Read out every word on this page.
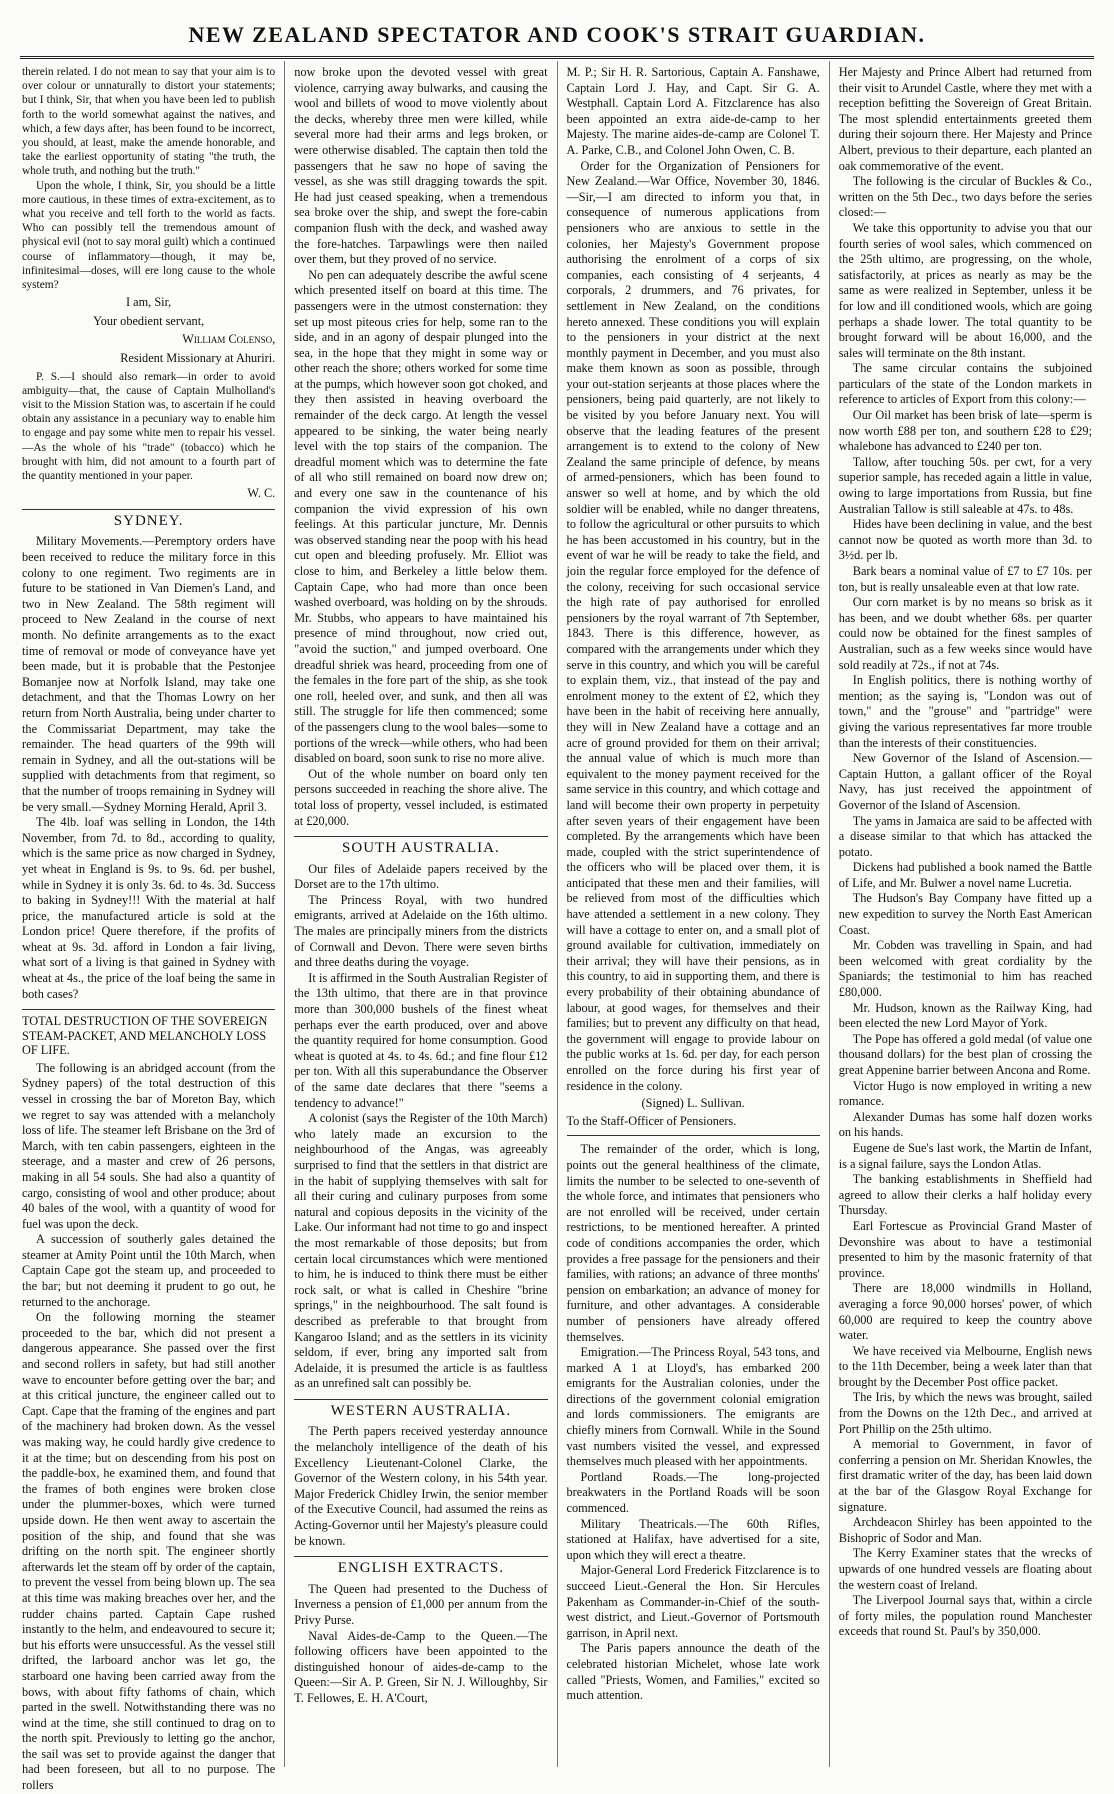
NEW ZEALAND SPECTATOR AND COOK'S STRAIT GUARDIAN.

therein related. I do not mean to say that your aim is to over colour or unnaturally to distort your statements; but I think, Sir, that when you have been led to publish forth to the world somewhat against the natives, and which, a few days after, has been found to be incorrect, you should, at least, make the amende honorable, and take the earliest opportunity of stating "the truth, the whole truth, and nothing but the truth."

Upon the whole, I think, Sir, you should be a little more cautious, in these times of extra-excitement, as to what you receive and tell forth to the world as facts. Who can possibly tell the tremendous amount of physical evil (not to say moral guilt) which a continued course of inflammatory—though, it may be, infinitesimal—doses, will ere long cause to the whole system?

I am, Sir,
Your obedient servant,
William Colenso,
Resident Missionary at Ahuriri.

P. S.—I should also remark—in order to avoid ambiguity—that, the cause of Captain Mulholland's visit to the Mission Station was, to ascertain if he could obtain any assistance in a pecuniary way to enable him to engage and pay some white men to repair his vessel.—As the whole of his "trade" (tobacco) which he brought with him, did not amount to a fourth part of the quantity mentioned in your paper.

W. C.
SYDNEY.

Military Movements.—Peremptory orders have been received to reduce the military force in this colony to one regiment. Two regiments are in future to be stationed in Van Diemen's Land, and two in New Zealand. The 58th regiment will proceed to New Zealand in the course of next month. No definite arrangements as to the exact time of removal or mode of conveyance have yet been made, but it is probable that the Pestonjee Bomanjee now at Norfolk Island, may take one detachment, and that the Thomas Lowry on her return from North Australia, being under charter to the Commissariat Department, may take the remainder. The head quarters of the 99th will remain in Sydney, and all the out-stations will be supplied with detachments from that regiment, so that the number of troops remaining in Sydney will be very small.—Sydney Morning Herald, April 3.

The 4lb. loaf was selling in London, the 14th November, from 7d. to 8d., according to quality, which is the same price as now charged in Sydney, yet wheat in England is 9s. to 9s. 6d. per bushel, while in Sydney it is only 3s. 6d. to 4s. 3d. Success to baking in Sydney!!! With the material at half price, the manufactured article is sold at the London price! Quere therefore, if the profits of wheat at 9s. 3d. afford in London a fair living, what sort of a living is that gained in Sydney with wheat at 4s., the price of the loaf being the same in both cases?

TOTAL DESTRUCTION OF THE SOVEREIGN STEAM-PACKET, AND MELANCHOLY LOSS OF LIFE.

The following is an abridged account (from the Sydney papers) of the total destruction of this vessel in crossing the bar of Moreton Bay, which we regret to say was attended with a melancholy loss of life. The steamer left Brisbane on the 3rd of March, with ten cabin passengers, eighteen in the steerage, and a master and crew of 26 persons, making in all 54 souls. She had also a quantity of cargo, consisting of wool and other produce; about 40 bales of the wool, with a quantity of wood for fuel was upon the deck.

A succession of southerly gales detained the steamer at Amity Point until the 10th March, when Captain Cape got the steam up, and proceeded to the bar; but not deeming it prudent to go out, he returned to the anchorage.

On the following morning the steamer proceeded to the bar, which did not present a dangerous appearance. She passed over the first and second rollers in safety, but had still another wave to encounter before getting over the bar; and at this critical juncture, the engineer called out to Capt. Cape that the framing of the engines and part of the machinery had broken down. As the vessel was making way, he could hardly give credence to it at the time; but on descending from his post on the paddle-box, he examined them, and found that the frames of both engines were broken close under the plummer-boxes, which were turned upside down. He then went away to ascertain the position of the ship, and found that she was drifting on the north spit. The engineer shortly afterwards let the steam off by order of the captain, to prevent the vessel from being blown up. The sea at this time was making breaches over her, and the rudder chains parted. Captain Cape rushed instantly to the helm, and endeavoured to secure it; but his efforts were unsuccessful. As the vessel still drifted, the larboard anchor was let go, the starboard one having been carried away from the bows, with about fifty fathoms of chain, which parted in the swell. Notwithstanding there was no wind at the time, she still continued to drag on to the north spit. Previously to letting go the anchor, the sail was set to provide against the danger that had been foreseen, but all to no purpose. The rollers

now broke upon the devoted vessel with great violence, carrying away bulwarks, and causing the wool and billets of wood to move violently about the decks, whereby three men were killed, while several more had their arms and legs broken, or were otherwise disabled. The captain then told the passengers that he saw no hope of saving the vessel, as she was still dragging towards the spit. He had just ceased speaking, when a tremendous sea broke over the ship, and swept the fore-cabin companion flush with the deck, and washed away the fore-hatches. Tarpawlings were then nailed over them, but they proved of no service.

No pen can adequately describe the awful scene which presented itself on board at this time. The passengers were in the utmost consternation: they set up most piteous cries for help, some ran to the side, and in an agony of despair plunged into the sea, in the hope that they might in some way or other reach the shore; others worked for some time at the pumps, which however soon got choked, and they then assisted in heaving overboard the remainder of the deck cargo. At length the vessel appeared to be sinking, the water being nearly level with the top stairs of the companion. The dreadful moment which was to determine the fate of all who still remained on board now drew on; and every one saw in the countenance of his companion the vivid expression of his own feelings. At this particular juncture, Mr. Dennis was observed standing near the poop with his head cut open and bleeding profusely. Mr. Elliot was close to him, and Berkeley a little below them. Captain Cape, who had more than once been washed overboard, was holding on by the shrouds. Mr. Stubbs, who appears to have maintained his presence of mind throughout, now cried out, "avoid the suction," and jumped overboard. One dreadful shriek was heard, proceeding from one of the females in the fore part of the ship, as she took one roll, heeled over, and sunk, and then all was still. The struggle for life then commenced; some of the passengers clung to the wool bales—some to portions of the wreck—while others, who had been disabled on board, soon sunk to rise no more alive.

Out of the whole number on board only ten persons succeeded in reaching the shore alive. The total loss of property, vessel included, is estimated at £20,000.

SOUTH AUSTRALIA.

Our files of Adelaide papers received by the Dorset are to the 17th ultimo.

The Princess Royal, with two hundred emigrants, arrived at Adelaide on the 16th ultimo. The males are principally miners from the districts of Cornwall and Devon. There were seven births and three deaths during the voyage.

It is affirmed in the South Australian Register of the 13th ultimo, that there are in that province more than 300,000 bushels of the finest wheat perhaps ever the earth produced, over and above the quantity required for home consumption. Good wheat is quoted at 4s. to 4s. 6d.; and fine flour £12 per ton. With all this superabundance the Observer of the same date declares that there "seems a tendency to advance!"

A colonist (says the Register of the 10th March) who lately made an excursion to the neighbourhood of the Angas, was agreeably surprised to find that the settlers in that district are in the habit of supplying themselves with salt for all their curing and culinary purposes from some natural and copious deposits in the vicinity of the Lake. Our informant had not time to go and inspect the most remarkable of those deposits; but from certain local circumstances which were mentioned to him, he is induced to think there must be either rock salt, or what is called in Cheshire "brine springs," in the neighbourhood. The salt found is described as preferable to that brought from Kangaroo Island; and as the settlers in its vicinity seldom, if ever, bring any imported salt from Adelaide, it is presumed the article is as faultless as an unrefined salt can possibly be.

WESTERN AUSTRALIA.

The Perth papers received yesterday announce the melancholy intelligence of the death of his Excellency Lieutenant-Colonel Clarke, the Governor of the Western colony, in his 54th year. Major Frederick Chidley Irwin, the senior member of the Executive Council, had assumed the reins as Acting-Governor until her Majesty's pleasure could be known.

ENGLISH EXTRACTS.

The Queen had presented to the Duchess of Inverness a pension of £1,000 per annum from the Privy Purse.

Naval Aides-de-Camp to the Queen.—The following officers have been appointed to the distinguished honour of aides-de-camp to the Queen:—Sir A. P. Green, Sir N. J. Willoughby, Sir T. Fellowes, E. H. A'Court,

M. P.; Sir H. R. Sartorious, Captain A. Fanshawe, Captain Lord J. Hay, and Capt. Sir G. A. Westphall. Captain Lord A. Fitzclarence has also been appointed an extra aide-de-camp to her Majesty. The marine aides-de-camp are Colonel T. A. Parke, C.B., and Colonel John Owen, C. B.

Order for the Organization of Pensioners for New Zealand.—War Office, November 30, 1846.—Sir,—I am directed to inform you that, in consequence of numerous applications from pensioners who are anxious to settle in the colonies, her Majesty's Government propose authorising the enrolment of a corps of six companies, each consisting of 4 serjeants, 4 corporals, 2 drummers, and 76 privates, for settlement in New Zealand, on the conditions hereto annexed. These conditions you will explain to the pensioners in your district at the next monthly payment in December, and you must also make them known as soon as possible, through your out-station serjeants at those places where the pensioners, being paid quarterly, are not likely to be visited by you before January next. You will observe that the leading features of the present arrangement is to extend to the colony of New Zealand the same principle of defence, by means of armed-pensioners, which has been found to answer so well at home, and by which the old soldier will be enabled, while no danger threatens, to follow the agricultural or other pursuits to which he has been accustomed in his country, but in the event of war he will be ready to take the field, and join the regular force employed for the defence of the colony, receiving for such occasional service the high rate of pay authorised for enrolled pensioners by the royal warrant of 7th September, 1843. There is this difference, however, as compared with the arrangements under which they serve in this country, and which you will be careful to explain them, viz., that instead of the pay and enrolment money to the extent of £2, which they have been in the habit of receiving here annually, they will in New Zealand have a cottage and an acre of ground provided for them on their arrival; the annual value of which is much more than equivalent to the money payment received for the same service in this country, and which cottage and land will become their own property in perpetuity after seven years of their engagement have been completed. By the arrangements which have been made, coupled with the strict superintendence of the officers who will be placed over them, it is anticipated that these men and their families, will be relieved from most of the difficulties which have attended a settlement in a new colony. They will have a cottage to enter on, and a small plot of ground available for cultivation, immediately on their arrival; they will have their pensions, as in this country, to aid in supporting them, and there is every probability of their obtaining abundance of labour, at good wages, for themselves and their families; but to prevent any difficulty on that head, the government will engage to provide labour on the public works at 1s. 6d. per day, for each person enrolled on the force during his first year of residence in the colony.

(Signed) L. Sullivan.

To the Staff-Officer of Pensioners.

The remainder of the order, which is long, points out the general healthiness of the climate, limits the number to be selected to one-seventh of the whole force, and intimates that pensioners who are not enrolled will be received, under certain restrictions, to be mentioned hereafter. A printed code of conditions accompanies the order, which provides a free passage for the pensioners and their families, with rations; an advance of three months' pension on embarkation; an advance of money for furniture, and other advantages. A considerable number of pensioners have already offered themselves.

Emigration.—The Princess Royal, 543 tons, and marked A 1 at Lloyd's, has embarked 200 emigrants for the Australian colonies, under the directions of the government colonial emigration and lords commissioners. The emigrants are chiefly miners from Cornwall. While in the Sound vast numbers visited the vessel, and expressed themselves much pleased with her appointments.

Portland Roads.—The long-projected breakwaters in the Portland Roads will be soon commenced.

Military Theatricals.—The 60th Rifles, stationed at Halifax, have advertised for a site, upon which they will erect a theatre.

Major-General Lord Frederick Fitzclarence is to succeed Lieut.-General the Hon. Sir Hercules Pakenham as Commander-in-Chief of the south-west district, and Lieut.-Governor of Portsmouth garrison, in April next.

The Paris papers announce the death of the celebrated historian Michelet, whose late work called "Priests, Women, and Families," excited so much attention.

Her Majesty and Prince Albert had returned from their visit to Arundel Castle, where they met with a reception befitting the Sovereign of Great Britain. The most splendid entertainments greeted them during their sojourn there. Her Majesty and Prince Albert, previous to their departure, each planted an oak commemorative of the event.

The following is the circular of Buckles & Co., written on the 5th Dec., two days before the series closed:—

We take this opportunity to advise you that our fourth series of wool sales, which commenced on the 25th ultimo, are progressing, on the whole, satisfactorily, at prices as nearly as may be the same as were realized in September, unless it be for low and ill conditioned wools, which are going perhaps a shade lower. The total quantity to be brought forward will be about 16,000, and the sales will terminate on the 8th instant.

The same circular contains the subjoined particulars of the state of the London markets in reference to articles of Export from this colony:—

Our Oil market has been brisk of late—sperm is now worth £88 per ton, and southern £28 to £29; whalebone has advanced to £240 per ton.

Tallow, after touching 50s. per cwt, for a very superior sample, has receded again a little in value, owing to large importations from Russia, but fine Australian Tallow is still saleable at 47s. to 48s.

Hides have been declining in value, and the best cannot now be quoted as worth more than 3d. to 3½d. per lb.

Bark bears a nominal value of £7 to £7 10s. per ton, but is really unsaleable even at that low rate.

Our corn market is by no means so brisk as it has been, and we doubt whether 68s. per quarter could now be obtained for the finest samples of Australian, such as a few weeks since would have sold readily at 72s., if not at 74s.

In English politics, there is nothing worthy of mention; as the saying is, "London was out of town," and the "grouse" and "partridge" were giving the various representatives far more trouble than the interests of their constituencies.

New Governor of the Island of Ascension.—Captain Hutton, a gallant officer of the Royal Navy, has just received the appointment of Governor of the Island of Ascension.

The yams in Jamaica are said to be affected with a disease similar to that which has attacked the potato.

Dickens had published a book named the Battle of Life, and Mr. Bulwer a novel name Lucretia.

The Hudson's Bay Company have fitted up a new expedition to survey the North East American Coast.

Mr. Cobden was travelling in Spain, and had been welcomed with great cordiality by the Spaniards; the testimonial to him has reached £80,000.

Mr. Hudson, known as the Railway King, had been elected the new Lord Mayor of York.

The Pope has offered a gold medal (of value one thousand dollars) for the best plan of crossing the great Appenine barrier between Ancona and Rome.

Victor Hugo is now employed in writing a new romance.

Alexander Dumas has some half dozen works on his hands.

Eugene de Sue's last work, the Martin de Infant, is a signal failure, says the London Atlas.

The banking establishments in Sheffield had agreed to allow their clerks a half holiday every Thursday.

Earl Fortescue as Provincial Grand Master of Devonshire was about to have a testimonial presented to him by the masonic fraternity of that province.

There are 18,000 windmills in Holland, averaging a force 90,000 horses' power, of which 60,000 are required to keep the country above water.

We have received via Melbourne, English news to the 11th December, being a week later than that brought by the December Post office packet.

The Iris, by which the news was brought, sailed from the Downs on the 12th Dec., and arrived at Port Phillip on the 25th ultimo.

A memorial to Government, in favor of conferring a pension on Mr. Sheridan Knowles, the first dramatic writer of the day, has been laid down at the bar of the Glasgow Royal Exchange for signature.

Archdeacon Shirley has been appointed to the Bishopric of Sodor and Man.

The Kerry Examiner states that the wrecks of upwards of one hundred vessels are floating about the western coast of Ireland.

The Liverpool Journal says that, within a circle of forty miles, the population round Manchester exceeds that round St. Paul's by 350,000.
